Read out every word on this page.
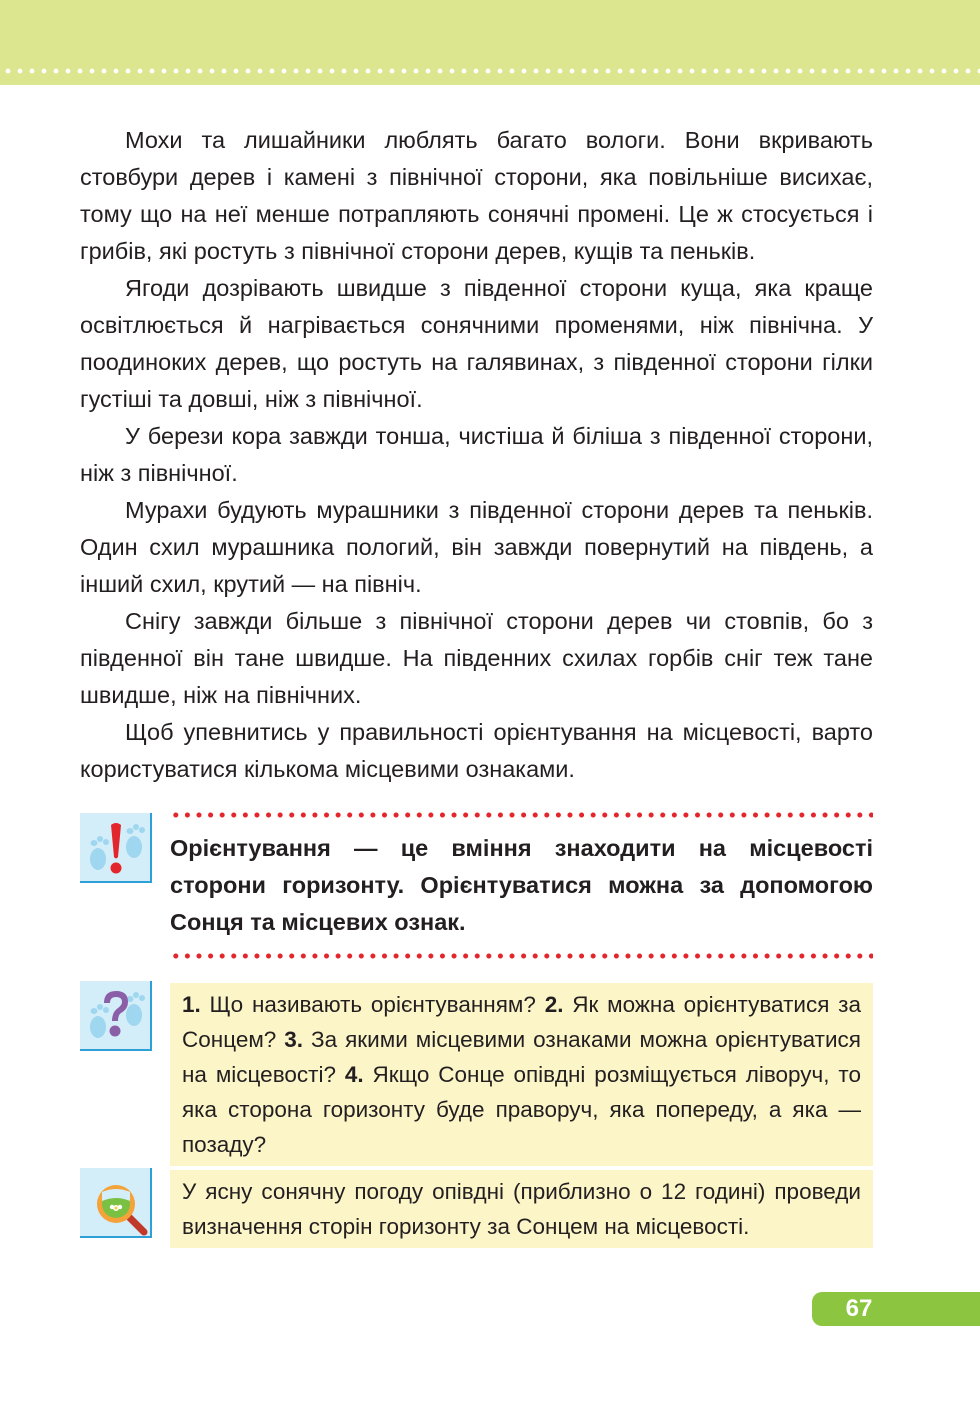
Мохи та лишайники люблять багато вологи. Вони вкривають стовбури дерев і камені з північної сторони, яка повільніше висихає, тому що на неї менше потрапляють сонячні промені. Це ж стосується і грибів, які ростуть з північної сторони дерев, кущів та пеньків.

Ягоди дозрівають швидше з південної сторони куща, яка краще освітлюється й нагрівається сонячними променями, ніж північна. У поодиноких дерев, що ростуть на галявинах, з південної сторони гілки густіші та довші, ніж з північної.

У берези кора завжди тонша, чистіша й біліша з південної сторони, ніж з північної.

Мурахи будують мурашники з південної сторони дерев та пеньків. Один схил мурашника пологий, він завжди повернутий на південь, а інший схил, крутий — на північ.

Снігу завжди більше з північної сторони дерев чи стовпів, бо з південної він тане швидше. На південних схилах горбів сніг теж тане швидше, ніж на північних.

Щоб упевнитись у правильності орієнтування на місцевості, варто користуватися кількома місцевими ознаками.

Орієнтування — це вміння знаходити на місцевості сторони горизонту. Орієнтуватися можна за допомогою Сонця та місцевих ознак.
1. Що називають орієнтуванням? 2. Як можна орієнтуватися за Сонцем? 3. За якими місцевими ознаками можна орієнтуватися на місцевості? 4. Якщо Сонце опівдні розміщується ліворуч, то яка сторона горизонту буде праворуч, яка попереду, а яка — позаду?
У ясну сонячну погоду опівдні (приблизно о 12 годині) проведи визначення сторін горизонту за Сонцем на місцевості.
67
